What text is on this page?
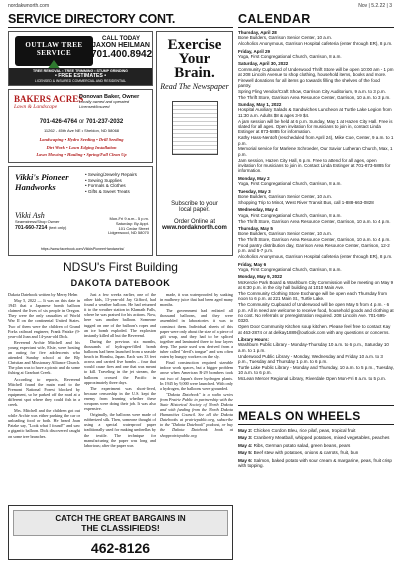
nordakwnorth.com	Nov | 5.2.22 | 3
SERVICE DIRECTORY CONT.	CALENDAR
OUTLAW TREE SERVICE
CALL TODAY
JAXON HEILMAN
701.400.8942
TREE REMOVAL • TREE TRIMMING • STUMP GRINDING
• FREE ESTIMATES •
LICENSED & INSURED COMMERCIAL AND RESIDENTIAL
BAKERS ACRES
Lawn & Landscape
Donovan Baker, Owner
Locally owned and operated
Licensed/Insured
701-426-4764 or 701-237-2032
11262 - 45th Ave NE • Sheldon, ND 58068
Landscaping • Hydro Seeding • Drill Seeding
Dirt Work • Lawn Edging Installation
Lawn Mowing • Hauling • Spring/Fall Clean Up
Vikki's Pioneer Handworks
• Sewing/Jewelry Repairs
• Sewing Supplies
• Formals & Clothes
• Gifts & Sweet Treats
Vikki Ash
Seamstress/Shop Owner
701-660-7214 (text only)
Mon-Fri 9 a.m.- 5 p.m.
Saturday: By Appt.
101 Cedar Street
Lidgerwood, ND 58070
https://www.facebook.com/VikkisPioneerHandworks/
NDSU's First Building
DAKOTA DATEBOOK

Dakota Datebook written by Merry Helm

May 5, 2022 — It was on this date in 1945 that a Japanese bomb balloon claimed the lives of six people in Oregon. They were the only casualties of World War II on the continental United States. Two of them were the children of Grand Forks railroad engineer, Frank Patzke (9-year-old Joan and 14-year-old Dick.

Reverend Archie Mitchell and his young expectant wife, Elsie, were hosting an outing for five adolescents who attended Sunday school at the Bly Christian and Missionary Alliance Church. The plan was to have a picnic and do some fishing at Gearhart Creek.

According to reports, Reverend Mitchell found the main road to the Fremont National Forest blocked by equipment, so he parked off the road at a different spot where they could fish in a creek.

Mrs. Mitchell and the children got out while Archie was either parking the car or unloading food or both. He heard Joan Patzke say, "Look what I found!" and saw a gigantic balloon. Dick discovered caught on some tree branches.

Just a few weeks earlier, one of the other kids, 13-year-old Jay Gifford, had found a weather balloon. He had returned it to the weather station in Klamath Falls, where he was praised for his actions. Now, here was another balloon. Someone tugged on one of the balloon's ropes and an ice bomb exploded. The explosion instantly killed all but the Reverend.

During the previous six months, thousands of hydrogen-filled bomb balloons had been launched from a seaside beach in Honshu, Japan. Each was 33 feet across and carried five bombs – four that would cause fires and one that was meant to kill. Traveling in the jet stream, the balloons crossed the Pacific in approximately three days.

The experiment was short-lived, because censorship in the U.S. kept the enemy from learning whether these weapons were doing their job. It was also expensive.

Originally, the balloons were made of rubberized silk. Then, someone thought of using a special waterproof paper traditionally used for making umbrellas by the textile. The technique for manufacturing the paper was long and laborious; after the paper was

made, it was waterproofed by soaking in mulberry juice that had been aged many months.

The government had enlisted all thousand balloons, and they were assembled in laboratories it was to construct them. Individual sheets of this paper were only about the size of a piece of gift wrap, and they had to be spliced together and laminated three to four layers deep. The paste used was derived from a tuber called "devil's tongue" and was often eaten by hungry workers on the sly.

Final construction required sizeable indoor work spaces, but a bigger problem arose when American B-29 bombers took out two of Japan's three hydrogen plants. In 1945 by 9,000 were launched. With only a hydrogen, the balloons were grounded.

"Dakota Datebook" is a radio series from Prairie Public in partnership with the State Historical Society of North Dakota and with funding from the North Dakota Humanities Council. See all the Dakota Datebooks at prairiepublic.org, subscribe to the "Dakota Datebook" podcast, or buy the Dakota Datebook book at shopprairiepublic.org

CATCH THE GREAT BARGAINS IN
THE CLASSIFIEDS!
462-8126
Thursday, April 28
Bone Builders, Garrison Senior Center, 10 a.m.
Alcoholics Anonymous, Garrison Hospital cafeteria (enter through ER), 8 p.m.
Friday, April 29
Yoga, First Congregational Church, Garrison, 8 a.m.
Saturday, April 30, 2022
Community Cupboard of Underwood Thrift Store will be open 10:00 am - 1 pm at 208 Lincoln Avenue to shop clothing, household items, books and more. Firewell donations for all items go towards filling the shelves of the food pantry.
Spring Fling Vendor/Craft Show, Garrison City Auditorium, 9 a.m. to 3 p.m.
The Thrift Store, Garrison Area Resource Center, Garrison, 10 a.m. to 3 p.m.
Sunday, May 1, 2022
Hospital Auxiliary Salads & Sandwiches Luncheon at Turtle Lake Legion from 11:30 a.m. Adults $8 & ages 3-9 $4.
A jam session will be held at 6 p.m. Sunday, May 1 at Hazen City Hall. Free is slated for all ages. Open invitation for musicians to join in, contact Linda Estinger at 873-5885 for information.
Kathy Hass-Nentoft (rescheduled from April 24), Mike Coe, Center, 9 a.m. to 1 p.m.
Memorial service for Marlene Schroeder, Our Savior Lutheran Church, Max, 1 p.m.
Jam session, Hazen City Hall, 6 p.m. Free to attend for all ages, open invitation for musicians to join in. Contact Linda Estinger at 701-873-5885 for information.
Monday, May 2
Yoga, First Congregational Church, Garrison, 8 a.m.
Tuesday, May 3
Bone Builders, Garrison Senior Center, 10 a.m.
Shopping Trip to Minot, West River Transit Bus, call 1-888-663-0828
Wednesday, May 4
Yoga, First Congregational Church, Garrison, 8 a.m.
The Thrift Store, Garrison Area Resource Center, Garrison, 10 a.m. to 4 p.m.
Thursday, May 5
Bone Builders, Garrison Senior Center, 10 a.m.
The Thrift Store, Garrison Area Resource Center, Garrison, 10 a.m. to 4 p.m.
Food pantry distribution day, Garrison Area Resource Center, Garrison, 12-2 p.m. and 5-7 p.m.
Alcoholics Anonymous, Garrison Hospital cafeteria (enter through ER), 8 p.m.
Friday, May 6
Yoga, First Congregational Church, Garrison, 8 a.m.
Monday, May 9, 2022
McKenzie Park Board & Washburn City Commission will be meeting on May 9 at 6:30 p.m. in the city hall building at 1010 Main Ave.
The Community Clothing Store Exchange will be open each Thursday from noon to 6 p.m. at 221 Main St., Turtle Lake.
The Community Cupboard of Underwood will be open May 5 from 4 p.m. - 6 p.m. All in need are welcome to receive food, household goods and clothing at no cost. No referrals or preregistration required. 208 Lincoln Ave. 701-595-0320.
Open Door Community Kitchen soup kitchen. Please feel free to contact Kay at 463-2874 or at delkay1889@outlook.com with any questions or concerns.
Library Hours:
Washburn Public Library - Monday-Thursday 10 a.m. to 6 p.m., Saturday 10 a.m. to 1 p.m.
Underwood Public Library - Monday, Wednesday and Friday 10 a.m. to 3 p.m., Tuesday and Thursday 1 p.m. to 6 p.m.
Turtle Lake Public Library - Monday and Thursday, 10 a.m. to 5 p.m., Tuesday, 10 a.m. to 6 p.m.
McLean Mercer Regional Library, Riverdale Open Mon-Fri 8 a.m. to 5 p.m.
MEALS ON WHEELS
May 2: Chicken Cordon Bleu, rice pilaf, peas, tropical fruit
May 3: Cranberry Meatball, whipped potatoes, mixed vegetables, peaches
May 4: Ribs, German potato salad, green beans, pears
May 5: Beef stew with potatoes, onions & carrots, fruit, bun
May 6: Salmon, baked potato with sour cream & margarine, peas, fruit crisp with topping.
Exercise
Your Brain.
Read The Newspaper
Subscribe to your
local paper.
Order Online at
www.nordaknorth.com
